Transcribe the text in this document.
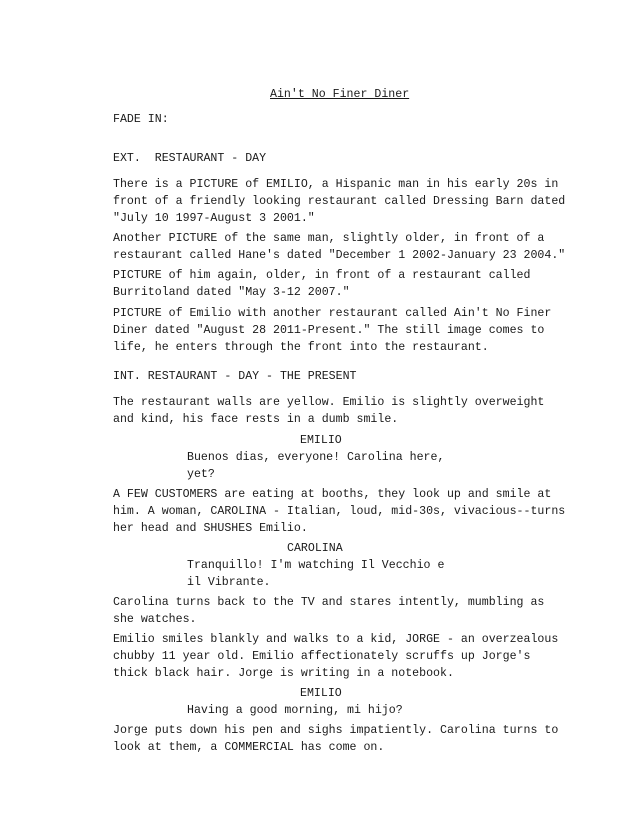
Ain't No Finer Diner
FADE IN:
EXT.  RESTAURANT - DAY
There is a PICTURE of EMILIO, a Hispanic man in his early 20s in
front of a friendly looking restaurant called Dressing Barn dated
"July 10 1997-August 3 2001."
Another PICTURE of the same man, slightly older, in front of a
restaurant called Hane's dated "December 1 2002-January 23 2004."
PICTURE of him again, older, in front of a restaurant called
Burritoland dated "May 3-12 2007."
PICTURE of Emilio with another restaurant called Ain't No Finer
Diner dated "August 28 2011-Present." The still image comes to
life, he enters through the front into the restaurant.
INT. RESTAURANT - DAY - THE PRESENT
The restaurant walls are yellow. Emilio is slightly overweight
and kind, his face rests in a dumb smile.
EMILIO
Buenos dias, everyone! Carolina here,
yet?
A FEW CUSTOMERS are eating at booths, they look up and smile at
him. A woman, CAROLINA - Italian, loud, mid-30s, vivacious--turns
her head and SHUSHES Emilio.
CAROLINA
Tranquillo! I'm watching Il Vecchio e
il Vibrante.
Carolina turns back to the TV and stares intently, mumbling as
she watches.
Emilio smiles blankly and walks to a kid, JORGE - an overzealous
chubby 11 year old. Emilio affectionately scruffs up Jorge's
thick black hair. Jorge is writing in a notebook.
EMILIO
Having a good morning, mi hijo?
Jorge puts down his pen and sighs impatiently. Carolina turns to
look at them, a COMMERCIAL has come on.
